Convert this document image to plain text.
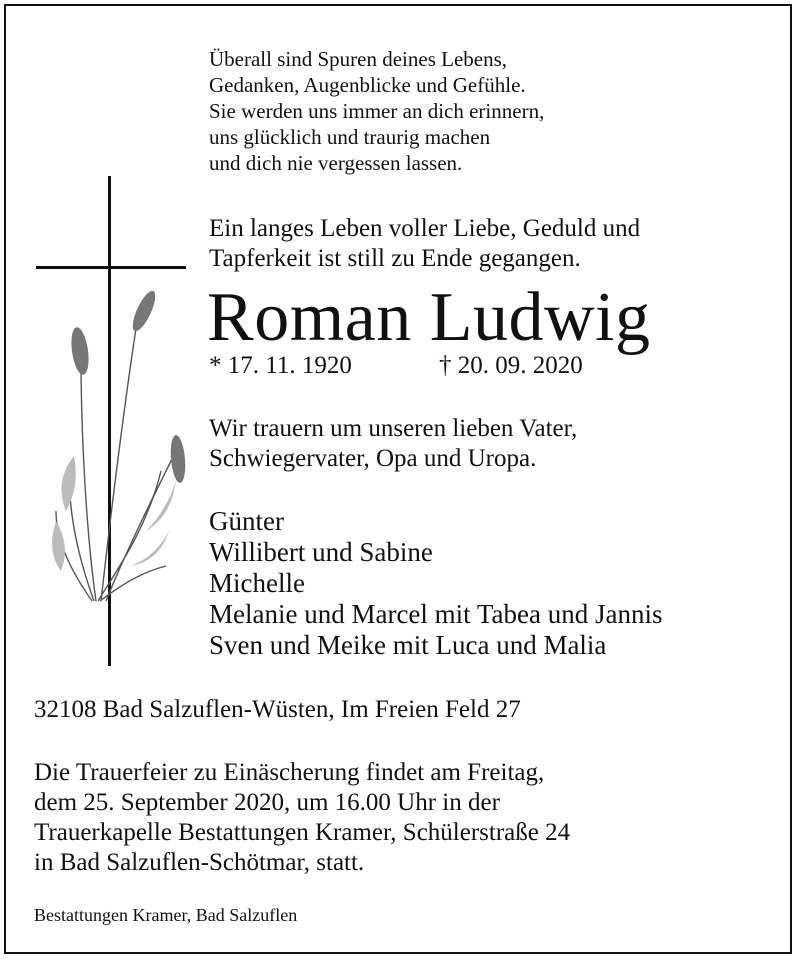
Überall sind Spuren deines Lebens,
Gedanken, Augenblicke und Gefühle.
Sie werden uns immer an dich erinnern,
uns glücklich und traurig machen
und dich nie vergessen lassen.
Ein langes Leben voller Liebe, Geduld und
Tapferkeit ist still zu Ende gegangen.
Roman Ludwig
* 17. 11. 1920	† 20. 09. 2020
Wir trauern um unseren lieben Vater,
Schwiegervater, Opa und Uropa.
Günter
Willibert und Sabine
Michelle
Melanie und Marcel mit Tabea und Jannis
Sven und Meike mit Luca und Malia
32108 Bad Salzuflen-Wüsten, Im Freien Feld 27
Die Trauerfeier zu Einäscherung findet am Freitag,
dem 25. September 2020, um 16.00 Uhr in der
Trauerkapelle Bestattungen Kramer, Schülerstraße 24
in Bad Salzuflen-Schötmar, statt.
Bestattungen Kramer, Bad Salzuflen
